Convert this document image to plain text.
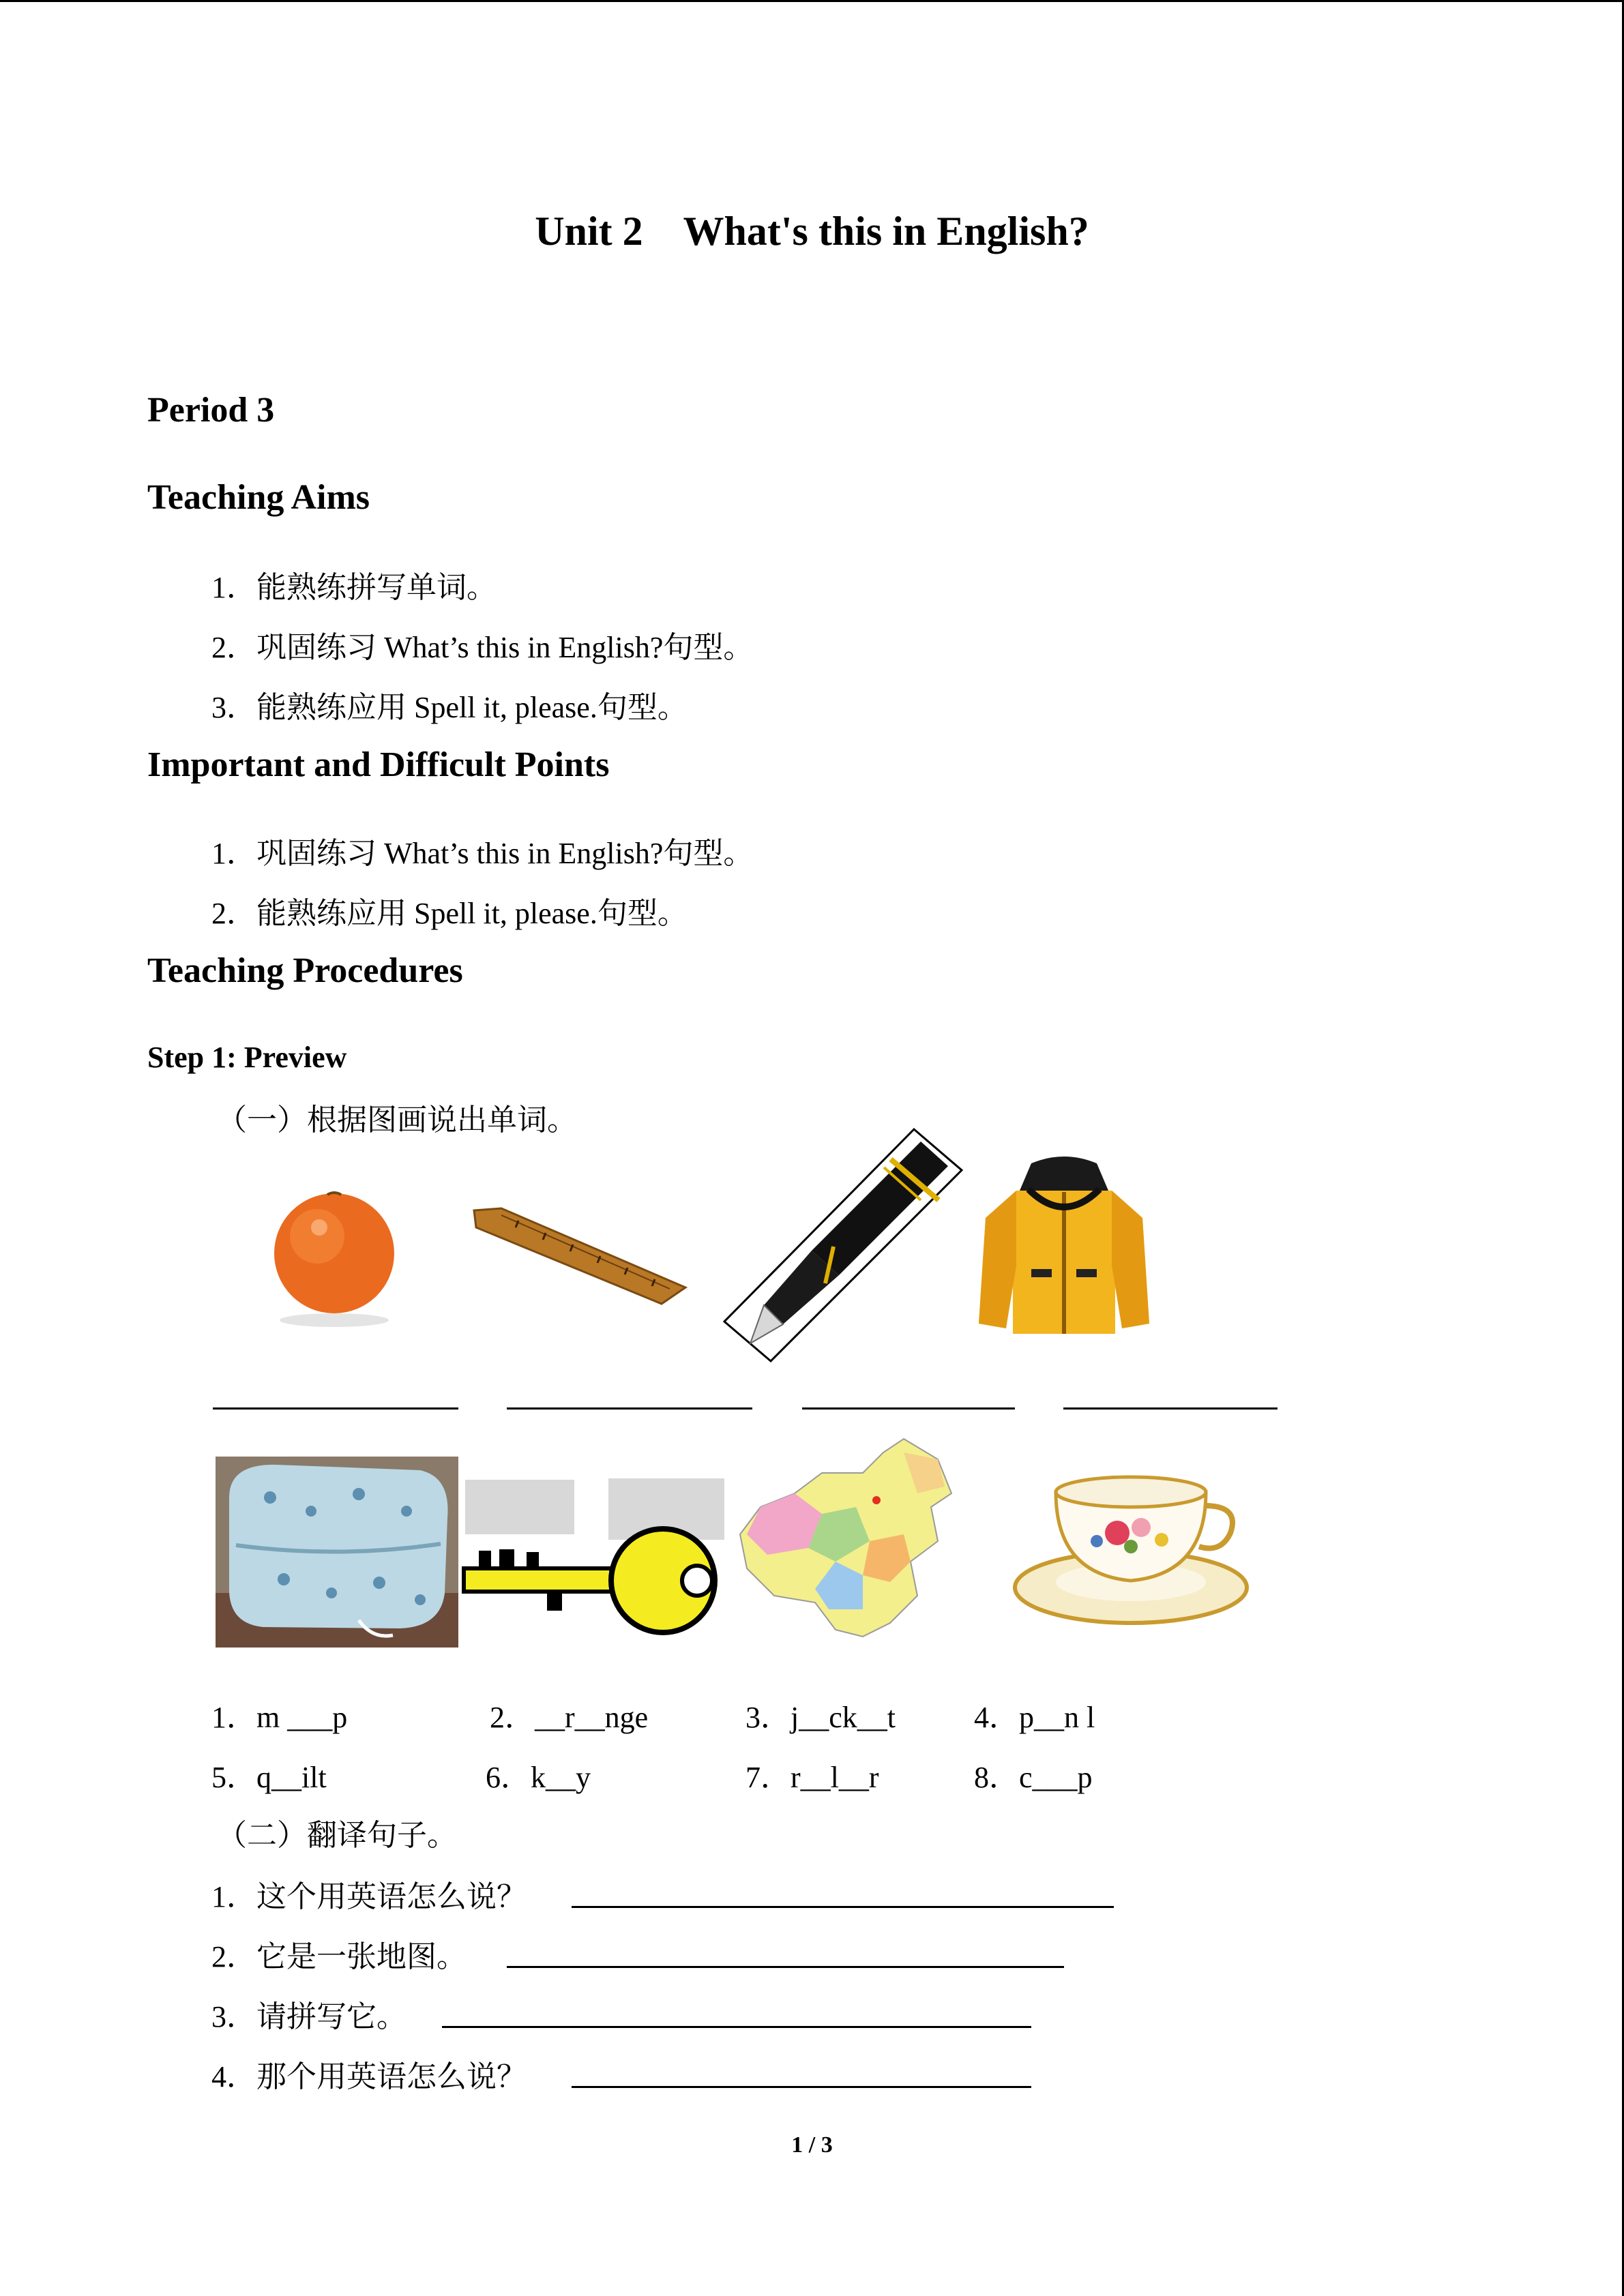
Unit 2    What's this in English?
Period 3
Teaching Aims
1．能熟练拼写单词。
2．巩固练习 What’s this in English?句型。
3．能熟练应用 Spell it, please.句型。
Important and Difficult Points
1．巩固练习 What’s this in English?句型。
2．能熟练应用 Spell it, please.句型。
Teaching Procedures
Step 1: Preview
（一）根据图画说出单词。
1．m ___p	2．__r__nge	3．j__ck__t	4．p__n l
5．q__ilt	6．k__y	7．r__l__r	8．c___p
（二）翻译句子。
1．这个用英语怎么说？
2．它是一张地图。
3．请拼写它。
4．那个用英语怎么说？
1 / 3
